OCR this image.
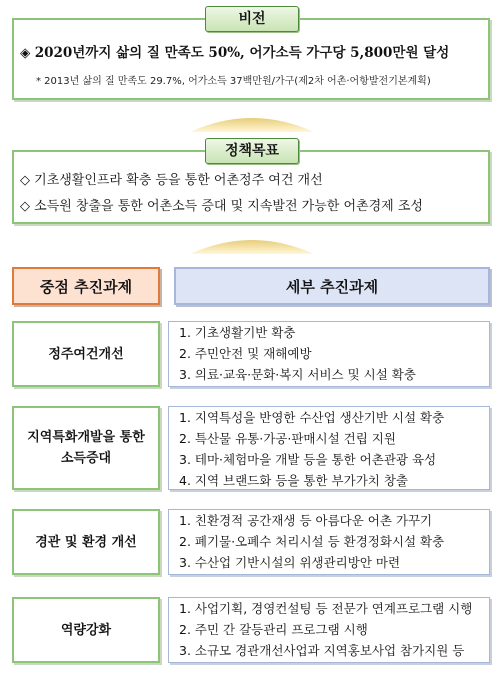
◈ 2020년까지 삶의 질 만족도 50%, 어가소득 가구당 5,800만원 달성
* 2013년 삶의 질 만족도 29.7%, 어가소득 37백만원/가구(제2차 어촌·어항발전기본계획)
비전
◇ 기초생활인프라 확충 등을 통한 어촌정주 여건 개선
◇ 소득원 창출을 통한 어촌소득 증대 및 지속발전 가능한 어촌경제 조성
정책목표
중점 추진과제	세부 추진과제
정주여건개선
1. 기초생활기반 확충
2. 주민안전 및 재해예방
3. 의료·교육·문화·복지 서비스 및 시설 확충
지역특화개발을 통한
소득증대
1. 지역특성을 반영한 수산업 생산기반 시설 확충
2. 특산물 유통·가공·판매시설 건립 지원
3. 테마·체험마을 개발 등을 통한 어촌관광 육성
4. 지역 브랜드화 등을 통한 부가가치 창출
경관 및 환경 개선
1. 친환경적 공간재생 등 아름다운 어촌 가꾸기
2. 폐기물·오폐수 처리시설 등 환경정화시설 확충
3. 수산업 기반시설의 위생관리방안 마련
역량강화
1. 사업기획, 경영컨설팅 등 전문가 연계프로그램 시행
2. 주민 간 갈등관리 프로그램 시행
3. 소규모 경관개선사업과 지역홍보사업 참가지원 등
